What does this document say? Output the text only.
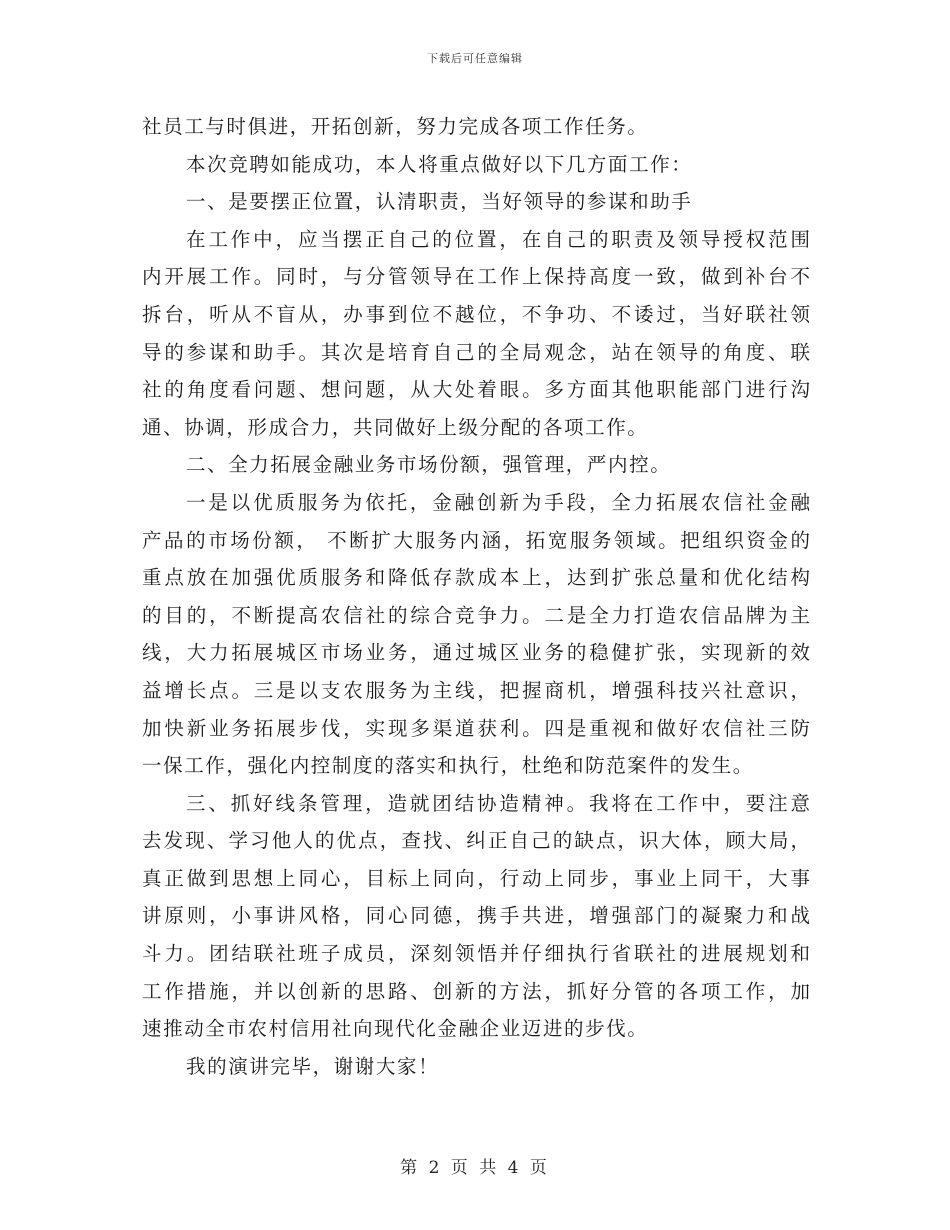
下载后可任意编辑
社员工与时俱进，开拓创新，努力完成各项工作任务。
本次竞聘如能成功，本人将重点做好以下几方面工作：
一、是要摆正位置，认清职责，当好领导的参谋和助手
在工作中，应当摆正自己的位置，在自己的职责及领导授权范围
内开展工作。同时，与分管领导在工作上保持高度一致，做到补台不
拆台，听从不盲从，办事到位不越位，不争功、不诿过，当好联社领
导的参谋和助手。其次是培育自己的全局观念，站在领导的角度、联
社的角度看问题、想问题，从大处着眼。多方面其他职能部门进行沟
通、协调，形成合力，共同做好上级分配的各项工作。
二、全力拓展金融业务市场份额，强管理，严内控。
一是以优质服务为依托，金融创新为手段，全力拓展农信社金融
产品的市场份额， 不断扩大服务内涵，拓宽服务领域。把组织资金的
重点放在加强优质服务和降低存款成本上，达到扩张总量和优化结构
的目的，不断提高农信社的综合竞争力。二是全力打造农信品牌为主
线，大力拓展城区市场业务，通过城区业务的稳健扩张，实现新的效
益增长点。三是以支农服务为主线，把握商机，增强科技兴社意识，
加快新业务拓展步伐，实现多渠道获利。四是重视和做好农信社三防
一保工作，强化内控制度的落实和执行，杜绝和防范案件的发生。
三、抓好线条管理，造就团结协造精神。我将在工作中，要注意
去发现、学习他人的优点，查找、纠正自己的缺点，识大体，顾大局，
真正做到思想上同心，目标上同向，行动上同步，事业上同干，大事
讲原则，小事讲风格，同心同德，携手共进，增强部门的凝聚力和战
斗力。团结联社班子成员，深刻领悟并仔细执行省联社的进展规划和
工作措施，并以创新的思路、创新的方法，抓好分管的各项工作，加
速推动全市农村信用社向现代化金融企业迈进的步伐。
我的演讲完毕，谢谢大家！
第 2 页 共 4 页
